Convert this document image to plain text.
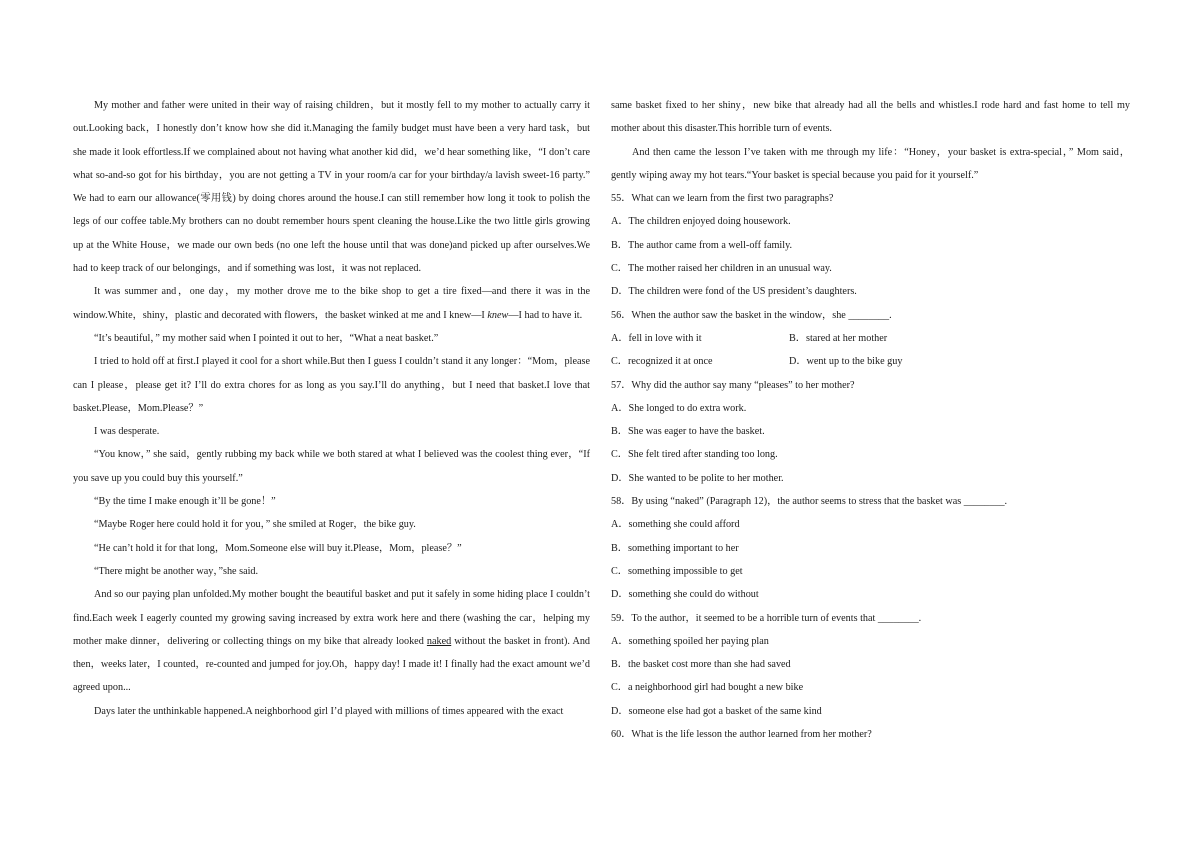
My mother and father were united in their way of raising children，but it mostly fell to my mother to actually carry it out.Looking back，I honestly don’t know how she did it.Managing the family budget must have been a very hard task，but she made it look effortless.If we complained about not having what another kid did，we’d hear something like，“I don’t care what so-and-so got for his birthday，you are not getting a TV in your room/a car for your birthday/a lavish sweet-16 party.” We had to earn our allowance(零用钱) by doing chores around the house.I can still remember how long it took to polish the legs of our coffee table.My brothers can no doubt remember hours spent cleaning the house.Like the two little girls growing up at the White House，we made our own beds (no one left the house until that was done)and picked up after ourselves.We had to keep track of our belongings，and if something was lost，it was not replaced.

It was summer and，one day，my mother drove me to the bike shop to get a tire fixed—and there it was in the window.White，shiny，plastic and decorated with flowers，the basket winked at me and I knew—I knew—I had to have it.

“It’s beautiful，” my mother said when I pointed it out to her，“What a neat basket.”

I tried to hold off at first.I played it cool for a short while.But then I guess I couldn’t stand it any longer：“Mom，please can I please，please get it? I’ll do extra chores for as long as you say.I’ll do anything，but I need that basket.I love that basket.Please，Mom.Please？”

I was desperate.

“You know，” she said，gently rubbing my back while we both stared at what I believed was the coolest thing ever，“If you save up you could buy this yourself.”

“By the time I make enough it’ll be gone！”

“Maybe Roger here could hold it for you，” she smiled at Roger，the bike guy.

“He can’t hold it for that long，Mom.Someone else will buy it.Please，Mom，please？”

“There might be another way，”she said.

And so our paying plan unfolded.My mother bought the beautiful basket and put it safely in some hiding place I couldn’t find.Each week I eagerly counted my growing saving increased by extra work here and there (washing the car，helping my mother make dinner，delivering or collecting things on my bike that already looked naked without the basket in front). And then，weeks later，I counted，re-counted and jumped for joy.Oh，happy day! I made it! I finally had the exact amount we’d agreed upon...

Days later the unthinkable happened.A neighborhood girl I’d played with millions of times appeared with the exact

same basket fixed to her shiny，new bike that already had all the bells and whistles.I rode hard and fast home to tell my mother about this disaster.This horrible turn of events.

And then came the lesson I’ve taken with me through my life：“Honey，your basket is extra-special，” Mom said，gently wiping away my hot tears.“Your basket is special because you paid for it yourself.”

55．What can we learn from the first two paragraphs?

A．The children enjoyed doing housework.

B．The author came from a well-off family.

C．The mother raised her children in an unusual way.

D．The children were fond of the US president’s daughters.

56．When the author saw the basket in the window，she ________.

A．fell in love with it	B．stared at her mother

C．recognized it at once	D．went up to the bike guy

57．Why did the author say many “pleases” to her mother?

A．She longed to do extra work.

B．She was eager to have the basket.

C．She felt tired after standing too long.

D．She wanted to be polite to her mother.

58．By using “naked” (Paragraph 12)，the author seems to stress that the basket was ________.

A．something she could afford

B．something important to her

C．something impossible to get

D．something she could do without

59．To the author，it seemed to be a horrible turn of events that ________.

A．something spoiled her paying plan

B．the basket cost more than she had saved

C．a neighborhood girl had bought a new bike

D．someone else had got a basket of the same kind

60．What is the life lesson the author learned from her mother?
